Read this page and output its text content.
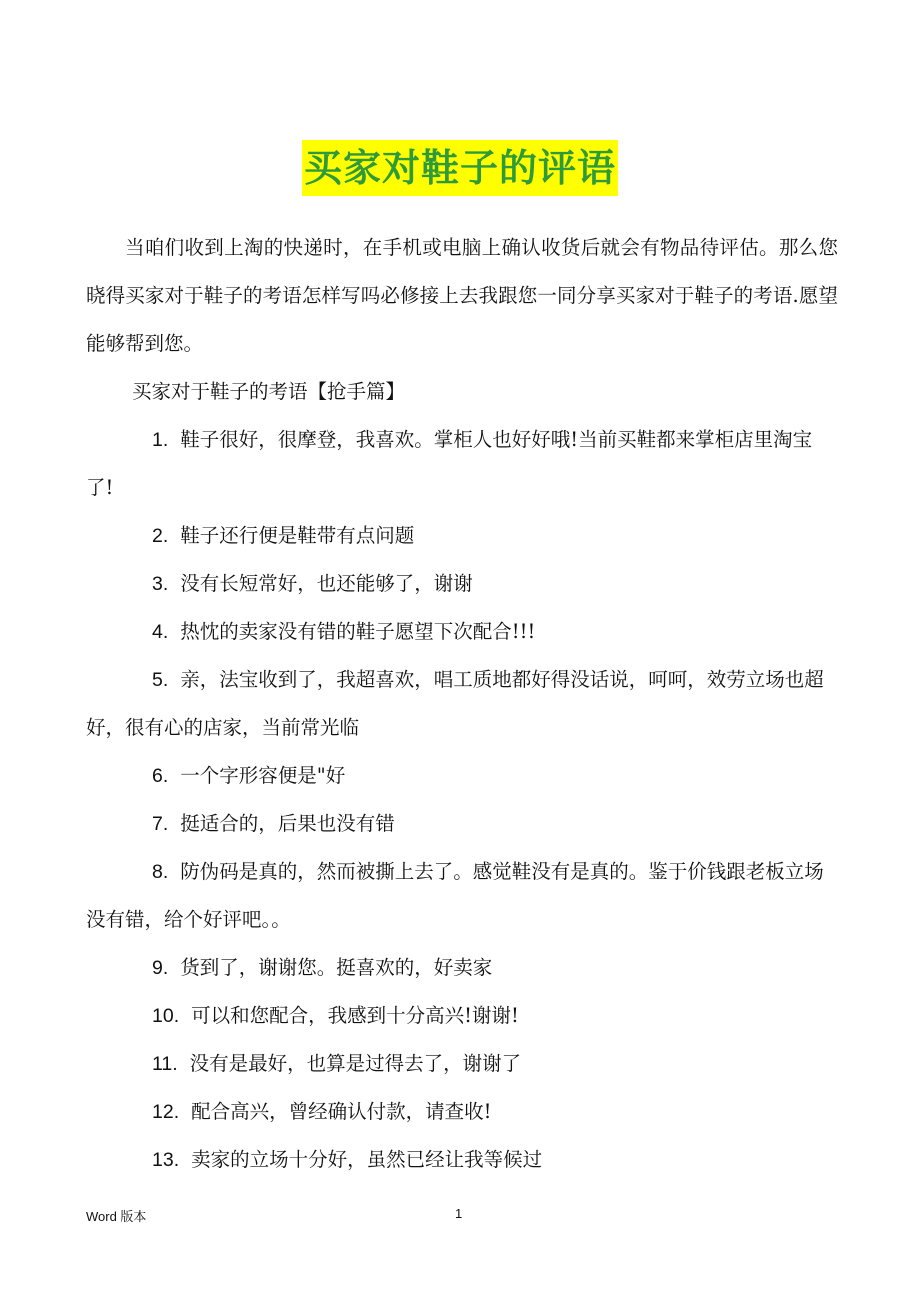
买家对鞋子的评语

当咱们收到上淘的快递时，在手机或电脑上确认收货后就会有物品待评估。那么您晓得买家对于鞋子的考语怎样写吗必修接上去我跟您一同分享买家对于鞋子的考语.愿望能够帮到您。

买家对于鞋子的考语【抢手篇】

1. 鞋子很好，很摩登，我喜欢。掌柜人也好好哦!当前买鞋都来掌柜店里淘宝了!

2. 鞋子还行便是鞋带有点问题

3. 没有长短常好，也还能够了，谢谢

4. 热忱的卖家没有错的鞋子愿望下次配合!!!

5. 亲，法宝收到了，我超喜欢，唱工质地都好得没话说，呵呵，效劳立场也超好，很有心的店家，当前常光临

6. 一个字形容便是"好

7. 挺适合的，后果也没有错

8. 防伪码是真的，然而被撕上去了。感觉鞋没有是真的。鉴于价钱跟老板立场没有错，给个好评吧。。

9. 货到了，谢谢您。挺喜欢的，好卖家

10. 可以和您配合，我感到十分高兴!谢谢!

11. 没有是最好，也算是过得去了，谢谢了

12. 配合高兴，曾经确认付款，请查收!

13. 卖家的立场十分好，虽然已经让我等候过

Word 版本	1
